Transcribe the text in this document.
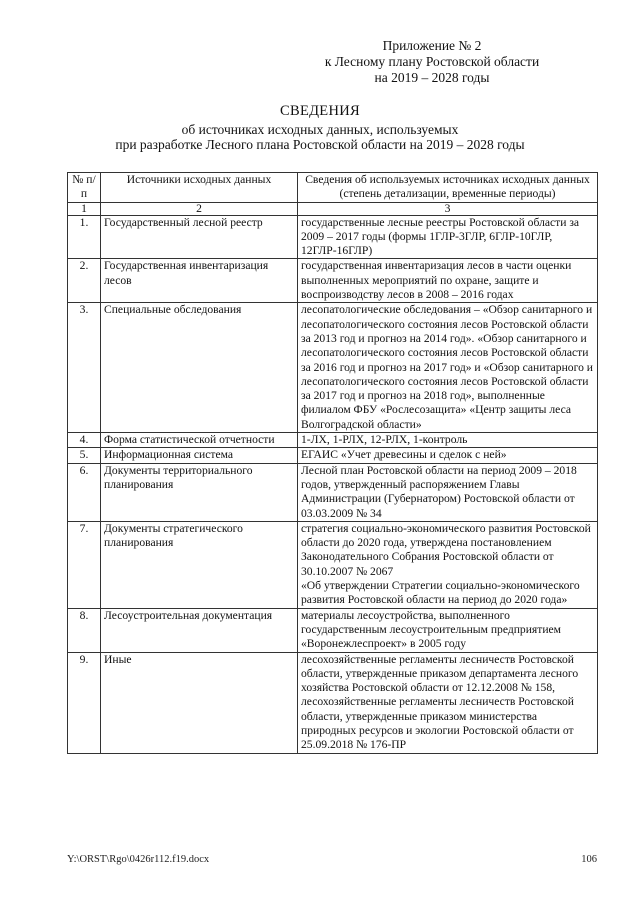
Приложение № 2
к Лесному плану Ростовской области
на 2019 – 2028 годы
СВЕДЕНИЯ
об источниках исходных данных, используемых
при разработке Лесного плана Ростовской области на 2019 – 2028 годы
№ п/п	Источники исходных данных	Сведения об используемых источниках исходных данных (степень детализации, временные периоды)
1	2	3
1.	Государственный лесной реестр	государственные лесные реестры Ростовской области за 2009 – 2017 годы (формы 1ГЛР-3ГЛР, 6ГЛР-10ГЛР, 12ГЛР-16ГЛР)
2.	Государственная инвентаризация лесов	государственная инвентаризация лесов в части оценки выполненных мероприятий по охране, защите и воспроизводству лесов в 2008 – 2016 годах
3.	Специальные обследования	лесопатологические обследования – «Обзор санитарного и лесопатологического состояния лесов Ростовской области за 2013 год и прогноз на 2014 год». «Обзор санитарного и лесопатологического состояния лесов Ростовской области за 2016 год и прогноз на 2017 год» и «Обзор санитарного и лесопатологического состояния лесов Ростовской области за 2017 год и прогноз на 2018 год», выполненные филиалом ФБУ «Рослесозащита» «Центр защиты леса Волгоградской области»
4.	Форма статистической отчетности	1-ЛХ, 1-РЛХ, 12-РЛХ, 1-контроль
5.	Информационная система	ЕГАИС «Учет древесины и сделок с ней»
6.	Документы территориального планирования	Лесной план Ростовской области на период 2009 – 2018 годов, утвержденный распоряжением Главы Администрации (Губернатором) Ростовской области от 03.03.2009 № 34
7.	Документы стратегического планирования	стратегия социально-экономического развития Ростовской области до 2020 года, утверждена постановлением Законодательного Собрания Ростовской области от 30.10.2007 № 2067
«Об утверждении Стратегии социально-экономического развития Ростовской области на период до 2020 года»
8.	Лесоустроительная документация	материалы лесоустройства, выполненного государственным лесоустроительным предприятием «Воронежлеспроект» в 2005 году
9.	Иные	лесохозяйственные регламенты лесничеств Ростовской области, утвержденные приказом департамента лесного хозяйства Ростовской области от 12.12.2008 № 158, лесохозяйственные регламенты лесничеств Ростовской области, утвержденные приказом министерства природных ресурсов и экологии Ростовской области от 25.09.2018 № 176-ПР
Y:\ORST\Rgo\0426r112.f19.docx	106
